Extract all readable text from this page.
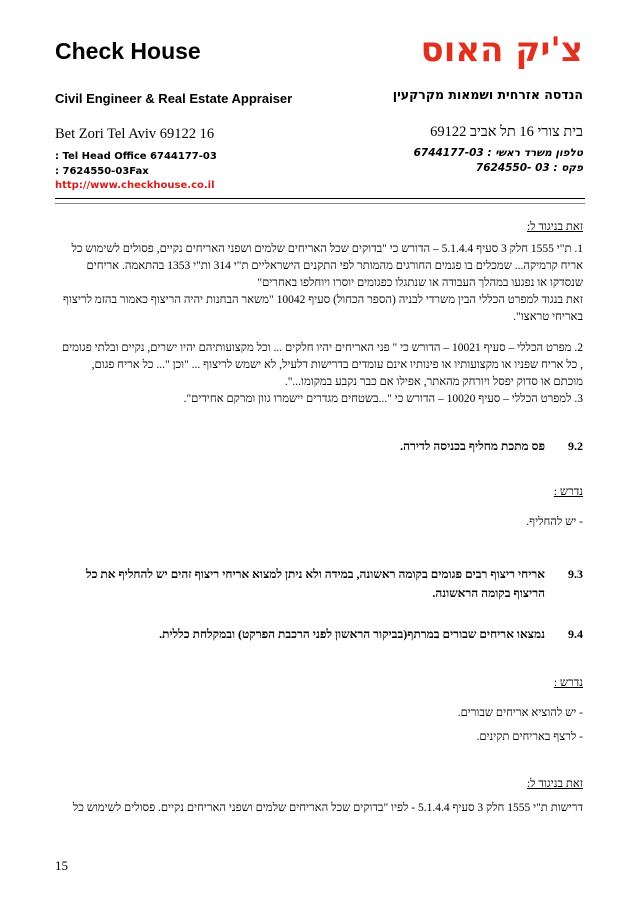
Check House	צ'יק האוס
Civil Engineer & Real Estate Appraiser	הנדסה אזרחית ושמאות מקרקעין
Bet Zori Tel Aviv 69122 16	בית צורי 16 תל אביב 69122
: Tel Head Office 6744177-03
: 7624550-03Fax
טלפון משרד ראשי : 6744177-03
פקס : 03 -7624550
http://www.checkhouse.co.il
זאת בניגוד ל:
1. ת"י 1555 חלק 3 סעיף 5.1.4.4 – הדורש כי "בדוקים שכל האריחים שלמים ושפני האריחים נקיים, פסולים לשימוש כל
אריח קרמיקה... שמכלים בו פגמים החורגים מהמותר לפי התקנים הישראליים ת"י 314 ות"י 1353 בהתאמה. אריחים
שנסדקו או נפגעו במהלך העבודה או שנתגלו כפגומים יוסרו ויוחלפו באחרים"
זאת בנגוד למפרט הכללי הבין משרדי לבניה (הספר הכחול) סעיף 10042 "משאר הבחנות יהיה הריצוף כאמור בהזמ לריצוף
באריחי טראצו".
2. מפרט הכללי – סעיף 10021 – הדורש כי " פני האריחים יהיו חלקים ... וכל מקצועותיהם יהיו ישרים, נקיים ובלתי פגומים
, כל אריח שפניו או מקצועותיו או פינותיו אינם עומדים בדרישות דלעיל, לא ישמש לריצוף ... "וכן "... כל אריח פגום,
מוכתם או סדוק יפסל ויורחק מהאתר, אפילו אם כבר נקבע במקומו...".
3. למפרט הכללי – סעיף 10020 – הדורש כי "...בשטחים מגדרים יישמרו גוון ומרקם אחידים".
9.2
פס מתכת מחליף בכניסה לדירה.
נדרש :
- יש להחליף.
9.3
אריחי ריצוף רבים פגומים בקומה ראשונה, במידה ולא ניתן למצוא אריחי ריצוף זהים יש להחליף את כל הריצוף בקומה הראשונה.
9.4
נמצאו אריחים שבורים במרתף(בביקור הראשון לפני הרכבת הפרקט) ובמקלחת כללית.
נדרש :
- יש להוציא אריחים שבורים.
- לרצף באריחים תקינים.
זאת בניגוד ל:
דרישות ת"י 1555 חלק 3 סעיף 5.1.4.4 - לפיו "בדוקים שכל האריחים שלמים ושפני האריחים נקיים. פסולים לשימוש כל
15
